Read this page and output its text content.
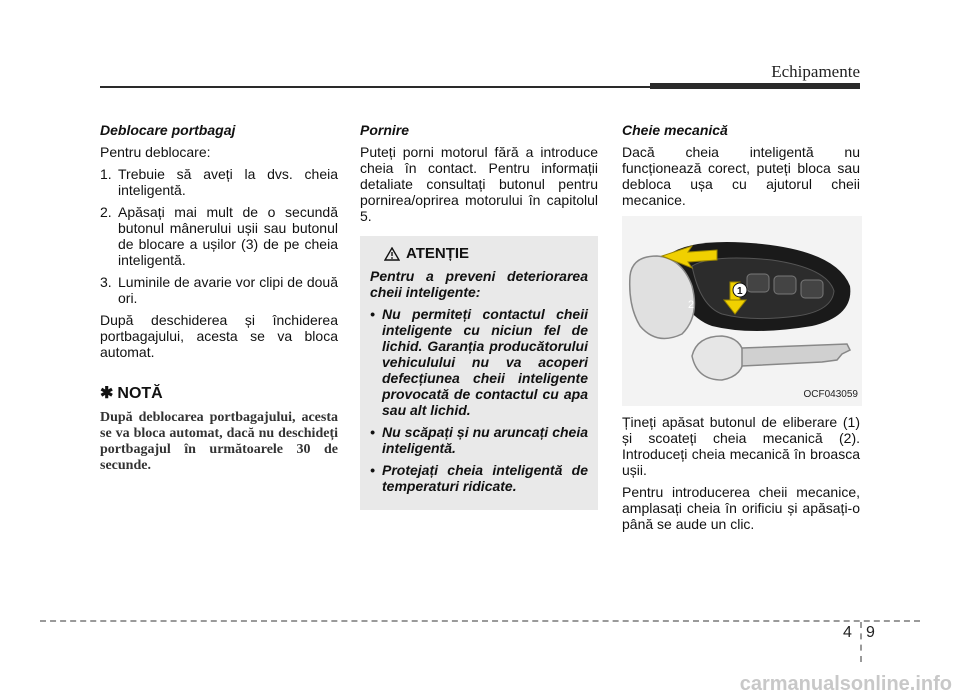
Echipamente
Deblocare portbagaj
Pentru deblocare:
1. Trebuie să aveți la dvs. cheia inteligentă.
2. Apăsați mai mult de o secundă butonul mânerului ușii sau butonul de blocare a ușilor (3) de pe cheia inteligentă.
3. Luminile de avarie vor clipi de două ori.
După deschiderea și închiderea portbagajului, acesta se va bloca automat.
✱ NOTĂ
După deblocarea portbagajului, acesta se va bloca automat, dacă nu deschideți portbagajul în următoarele 30 de secunde.
Pornire
Puteți porni motorul fără a introduce cheia în contact. Pentru informații detaliate consultați butonul pentru pornirea/oprirea motorului în capitolul 5.
ATENȚIE
Pentru a preveni deteriorarea cheii inteligente:
• Nu permiteți contactul cheii inteligente cu niciun fel de lichid. Garanția producătorului vehiculului nu va acoperi defecțiunea cheii inteligente provocată de contactul cu apa sau alt lichid.
• Nu scăpați și nu aruncați cheia inteligentă.
• Protejați cheia inteligentă de temperaturi ridicate.
Cheie mecanică
Dacă cheia inteligentă nu funcționează corect, puteți bloca sau debloca ușa cu ajutorul cheii mecanice.
1
2
OCF043059
Țineți apăsat butonul de eliberare (1) și scoateți cheia mecanică (2). Introduceți cheia mecanică în broasca ușii.
Pentru introducerea cheii mecanice, amplasați cheia în orificiu și apăsați-o până se aude un clic.
4 9
carmanualsonline.info
